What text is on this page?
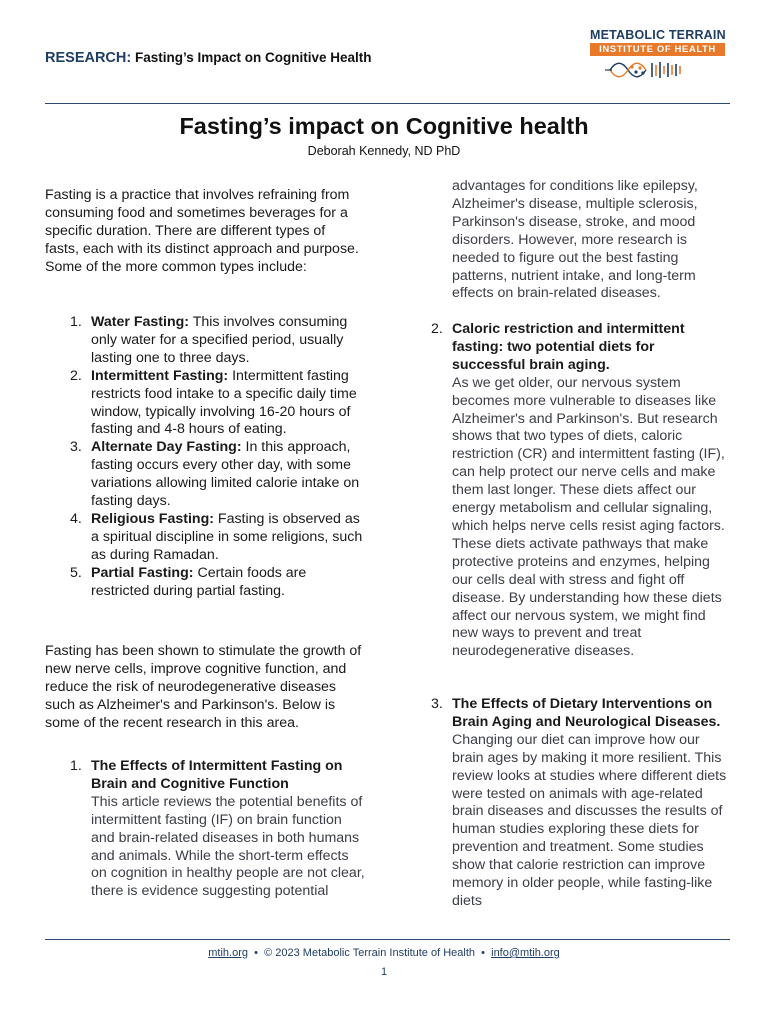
RESEARCH: Fasting’s Impact on Cognitive Health
METABOLIC TERRAIN
INSTITUTE OF HEALTH
Fasting’s impact on Cognitive health
Deborah Kennedy, ND PhD

Fasting is a practice that involves refraining from consuming food and sometimes beverages for a specific duration. There are different types of fasts, each with its distinct approach and purpose. Some of the more common types include:

1. Water Fasting: This involves consuming only water for a specified period, usually lasting one to three days.
2. Intermittent Fasting: Intermittent fasting restricts food intake to a specific daily time window, typically involving 16-20 hours of fasting and 4-8 hours of eating.
3. Alternate Day Fasting: In this approach, fasting occurs every other day, with some variations allowing limited calorie intake on fasting days.
4. Religious Fasting: Fasting is observed as a spiritual discipline in some religions, such as during Ramadan.
5. Partial Fasting: Certain foods are restricted during partial fasting.

Fasting has been shown to stimulate the growth of new nerve cells, improve cognitive function, and reduce the risk of neurodegenerative diseases such as Alzheimer's and Parkinson's. Below is some of the recent research in this area.

1. The Effects of Intermittent Fasting on Brain and Cognitive Function

This article reviews the potential benefits of intermittent fasting (IF) on brain function and brain-related diseases in both humans and animals. While the short-term effects on cognition in healthy people are not clear, there is evidence suggesting potential

advantages for conditions like epilepsy, Alzheimer's disease, multiple sclerosis, Parkinson's disease, stroke, and mood disorders. However, more research is needed to figure out the best fasting patterns, nutrient intake, and long-term effects on brain-related diseases.

2. Caloric restriction and intermittent fasting: two potential diets for successful brain aging.

As we get older, our nervous system becomes more vulnerable to diseases like Alzheimer's and Parkinson's. But research shows that two types of diets, caloric restriction (CR) and intermittent fasting (IF), can help protect our nerve cells and make them last longer. These diets affect our energy metabolism and cellular signaling, which helps nerve cells resist aging factors. These diets activate pathways that make protective proteins and enzymes, helping our cells deal with stress and fight off disease. By understanding how these diets affect our nervous system, we might find new ways to prevent and treat neurodegenerative diseases.

3. The Effects of Dietary Interventions on Brain Aging and Neurological Diseases.

Changing our diet can improve how our brain ages by making it more resilient. This review looks at studies where different diets were tested on animals with age-related brain diseases and discusses the results of human studies exploring these diets for prevention and treatment. Some studies show that calorie restriction can improve memory in older people, while fasting-like diets

mtih.org • © 2023 Metabolic Terrain Institute of Health • info@mtih.org
1
